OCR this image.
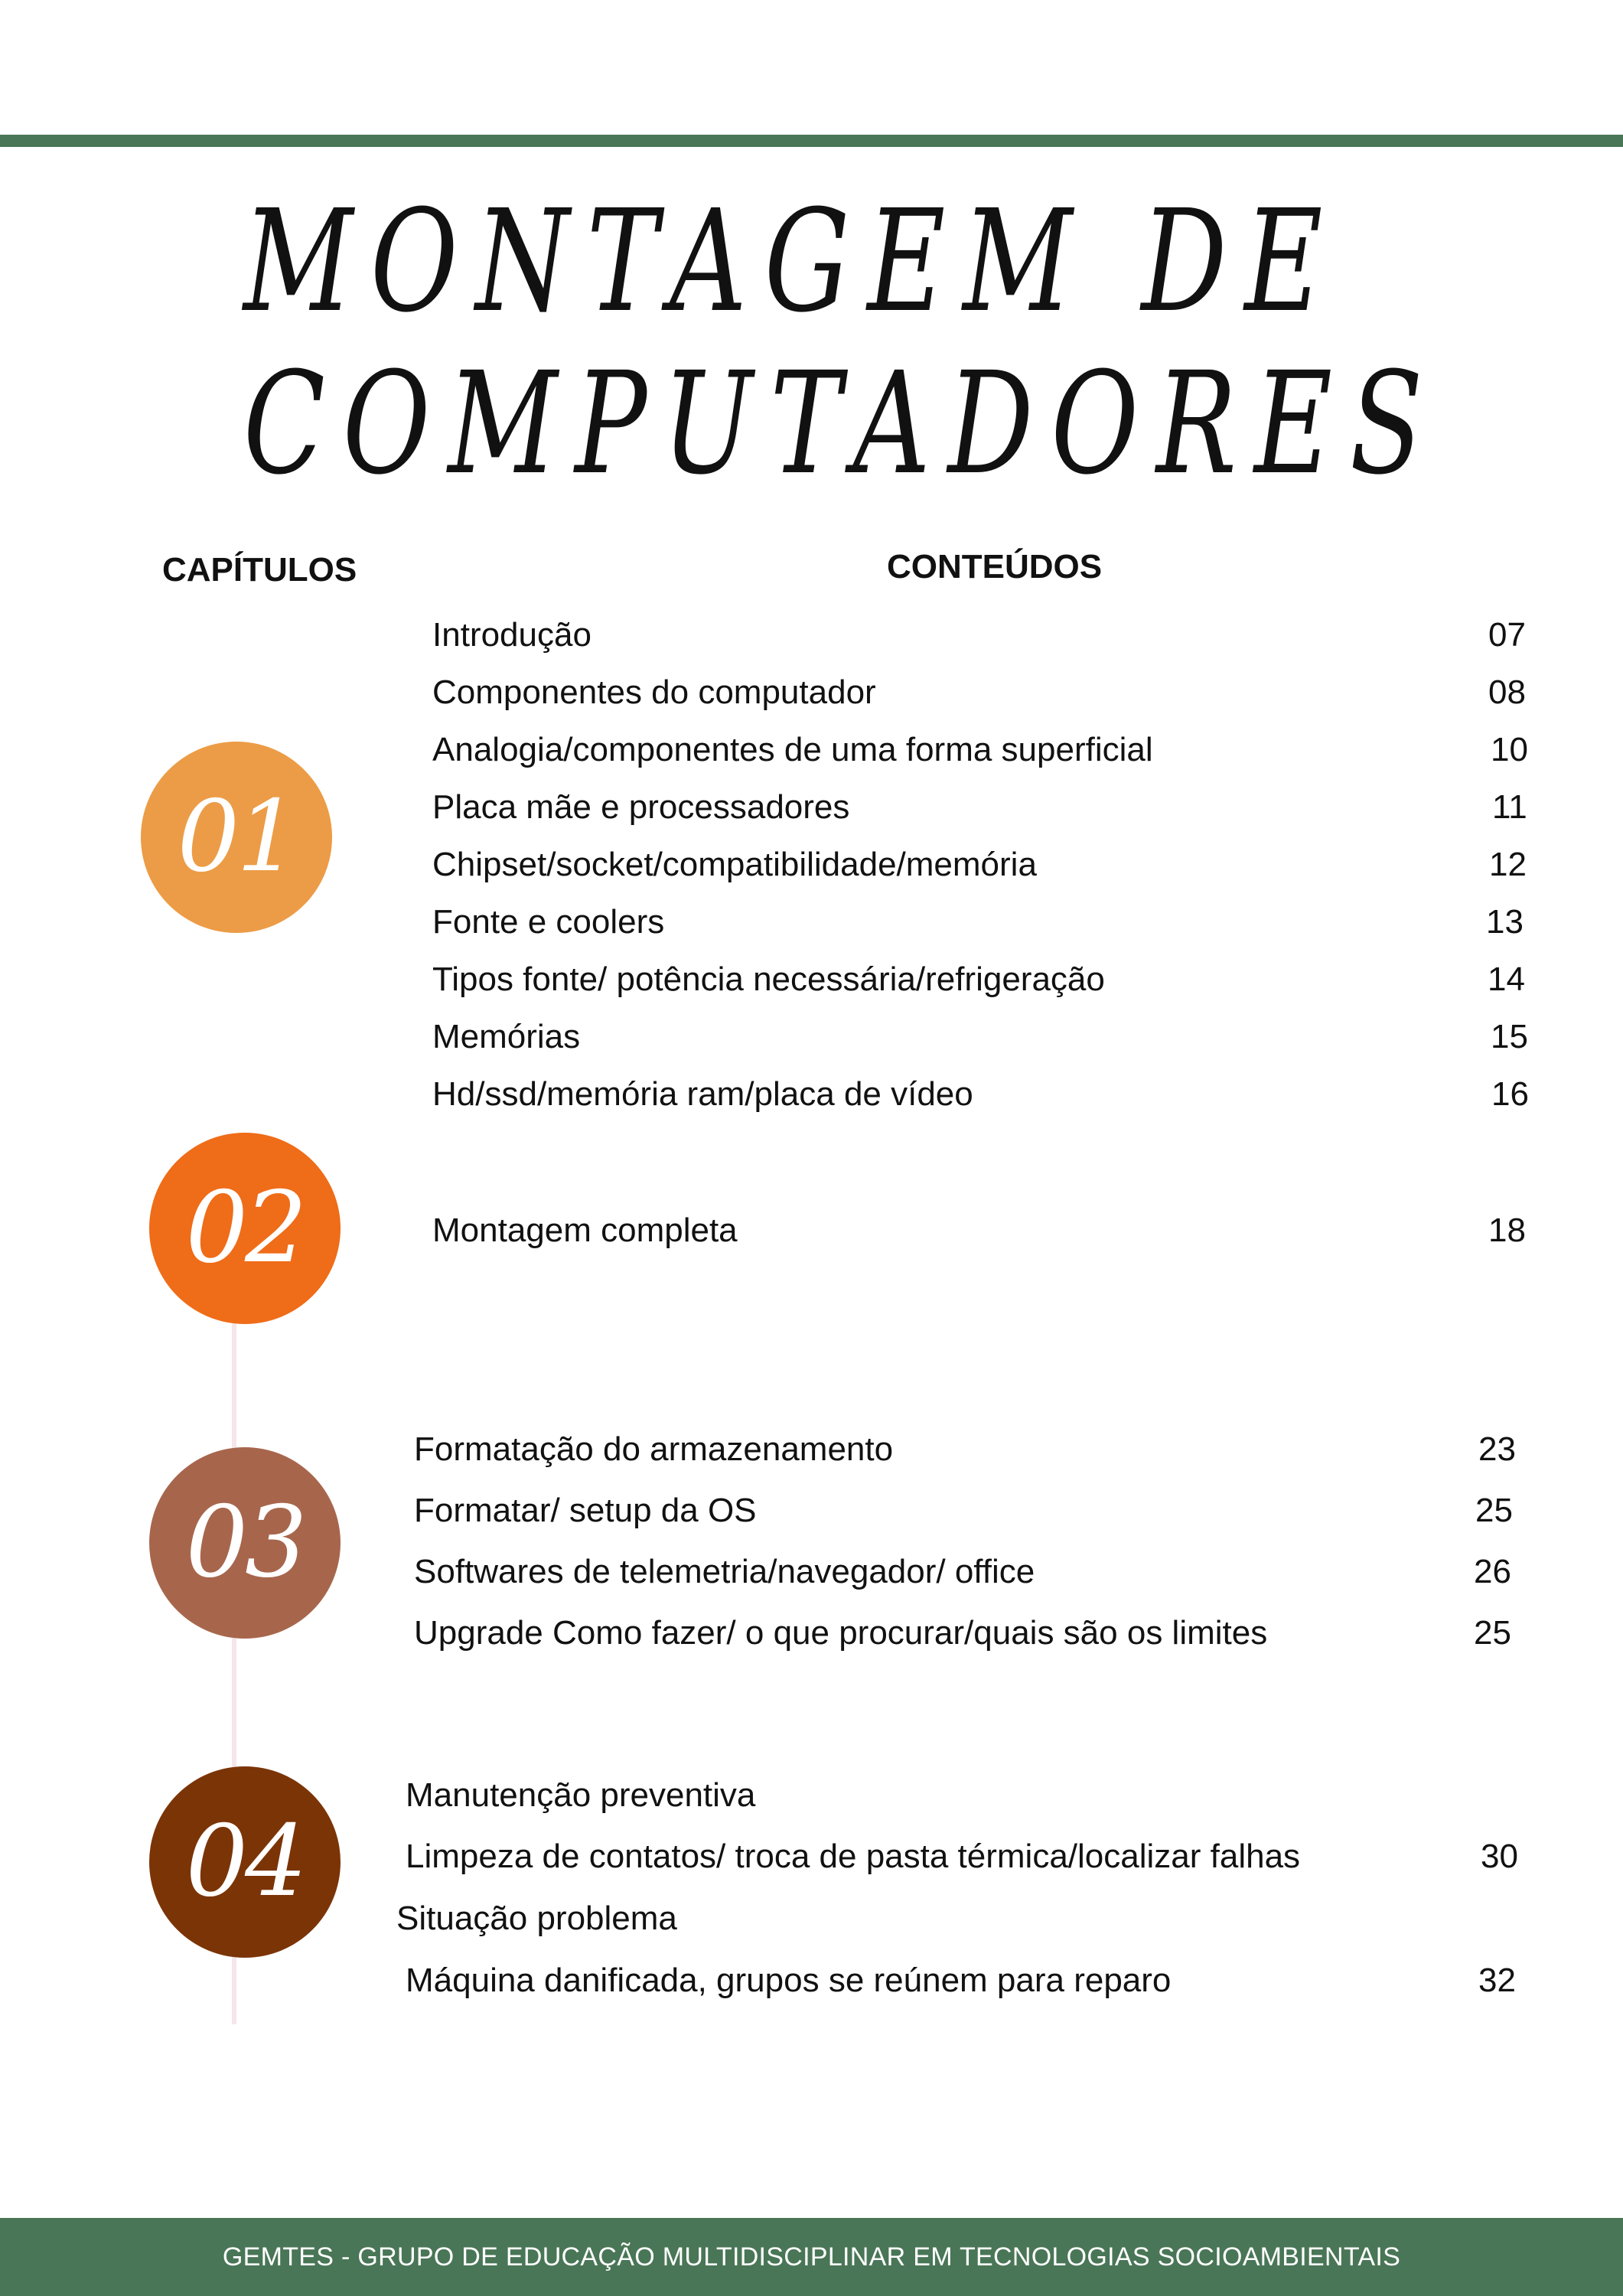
MONTAGEM DE
COMPUTADORES
CAPÍTULOS	CONTEÚDOS
01
02
03
04
Introdução	07
Componentes do computador	08
Analogia/componentes de uma forma superficial	10
Placa mãe e processadores	11
Chipset/socket/compatibilidade/memória	12
Fonte e coolers	13
Tipos fonte/ potência necessária/refrigeração	14
Memórias	15
Hd/ssd/memória ram/placa de vídeo	16
Montagem completa	18
Formatação do armazenamento	23
Formatar/ setup da OS	25
Softwares de telemetria/navegador/ office	26
Upgrade Como fazer/ o que procurar/quais são os limites	25
Manutenção preventiva
Limpeza de contatos/ troca de pasta térmica/localizar falhas	30
Situação problema
Máquina danificada, grupos se reúnem para reparo	32
GEMTES - GRUPO DE EDUCAÇÃO MULTIDISCIPLINAR EM TECNOLOGIAS SOCIOAMBIENTAIS
